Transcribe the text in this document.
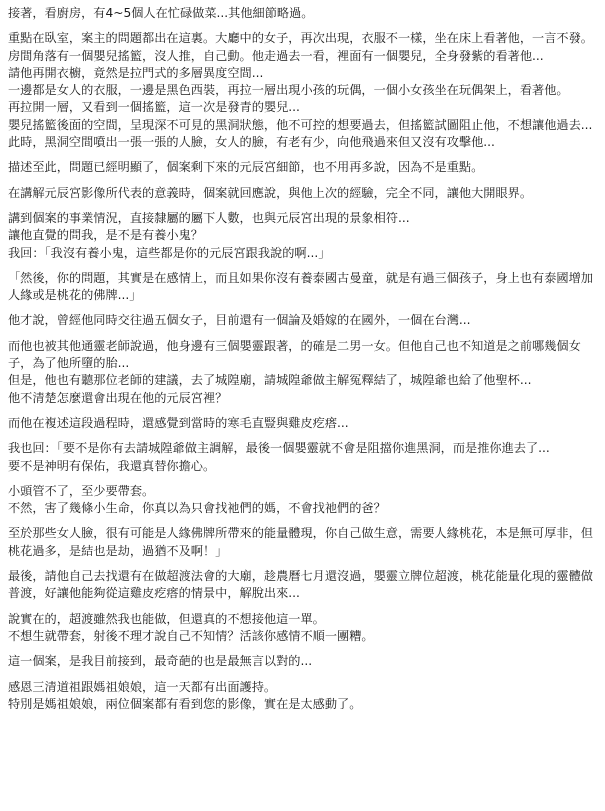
接著，看廚房，有4~5個人在忙碌做菜...其他細節略過。

重點在臥室，案主的問題都出在這裏。大廳中的女子，再次出現，衣服不一樣，坐在床上看著他，一言不發。
房間角落有一個嬰兒搖籃，沒人推，自己動。他走過去一看，裡面有一個嬰兒，全身發紫的看著他...
請他再開衣櫥，竟然是拉門式的多層異度空間...
一邊都是女人的衣服，一邊是黑色西裝，再拉一層出現小孩的玩偶，一個小女孩坐在玩偶架上，看著他。
再拉開一層，又看到一個搖籃，這一次是發青的嬰兒...
嬰兒搖籃後面的空間，呈現深不可見的黑洞狀態，他不可控的想要過去，但搖籃試圖阻止他，不想讓他過去...
此時，黑洞空間噴出一張一張的人臉，女人的臉，有老有少，向他飛過來但又沒有攻擊他...

描述至此，問題已經明顯了，個案剩下來的元辰宮細節，也不用再多說，因為不是重點。

在講解元辰宮影像所代表的意義時，個案就回應說，與他上次的經驗，完全不同，讓他大開眼界。

講到個案的事業情況，直接隸屬的屬下人數，也與元辰宮出現的景象相符...
讓他直覺的問我，是不是有養小鬼？
我回：「我沒有養小鬼，這些都是你的元辰宮跟我說的啊...」

「然後，你的問題，其實是在感情上，而且如果你沒有養泰國古曼童，就是有過三個孩子，身上也有泰國增加人緣或是桃花的佛牌...」

他才說，曾經他同時交往過五個女子，目前還有一個論及婚嫁的在國外，一個在台灣...

而他也被其他通靈老師說過，他身邊有三個嬰靈跟著，的確是二男一女。但他自己也不知道是之前哪幾個女子，為了他所墮的胎...
但是，他也有聽那位老師的建議，去了城隍廟，請城隍爺做主解冤釋結了，城隍爺也給了他聖杯...
他不清楚怎麼還會出現在他的元辰宮裡？

而他在複述這段過程時，還感覺到當時的寒毛直豎與雞皮疙瘩...

我也回：「要不是你有去請城隍爺做主調解，最後一個嬰靈就不會是阻擋你進黑洞，而是推你進去了...
要不是神明有保佑，我還真替你擔心。

小頭管不了，至少要帶套。
不然，害了幾條小生命，你真以為只會找祂們的媽，不會找祂們的爸？

至於那些女人臉，很有可能是人緣佛牌所帶來的能量體現，你自己做生意，需要人緣桃花，本是無可厚非，但桃花過多，是結也是劫，過猶不及啊！」

最後，請他自己去找還有在做超渡法會的大廟，趁農曆七月還沒過，嬰靈立牌位超渡，桃花能量化現的靈體做普渡，好讓他能夠從這雞皮疙瘩的情景中，解脫出來...

說實在的，超渡雖然我也能做，但還真的不想接他這一單。
不想生就帶套，射後不理才說自己不知情？活該你感情不順一團糟。

這一個案，是我目前接到，最奇葩的也是最無言以對的...

感恩三清道祖跟媽祖娘娘，這一天都有出面護持。
特別是媽祖娘娘，兩位個案都有看到您的影像，實在是太感動了。
